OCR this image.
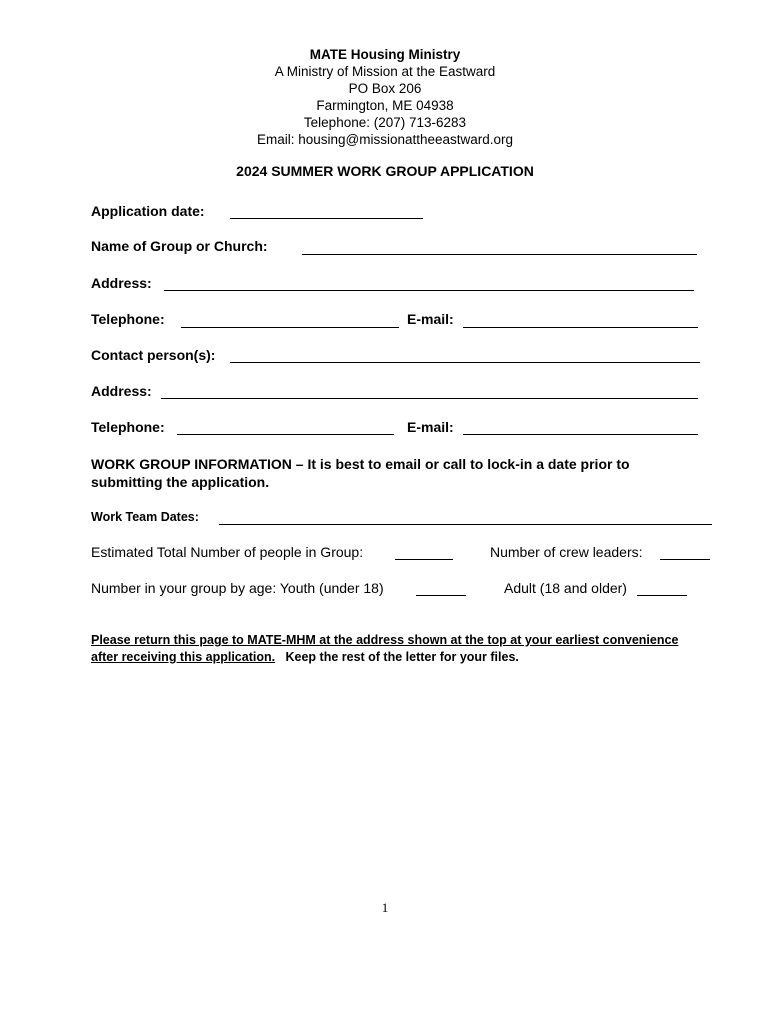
MATE Housing Ministry
A Ministry of Mission at the Eastward
PO Box 206
Farmington, ME 04938
Telephone: (207) 713-6283
Email: housing@missionattheeastward.org
2024 SUMMER WORK GROUP APPLICATION
Application date:
Name of Group or Church:
Address:
Telephone:	E-mail:
Contact person(s):
Address:
Telephone:	E-mail:
WORK GROUP INFORMATION – It is best to email or call to lock-in a date prior to submitting the application.
Work Team Dates:
Estimated Total Number of people in Group:	Number of crew leaders:
Number in your group by age: Youth (under 18)	Adult (18 and older)
Please return this page to MATE-MHM at the address shown at the top at your earliest convenience after receiving this application. Keep the rest of the letter for your files.
1
